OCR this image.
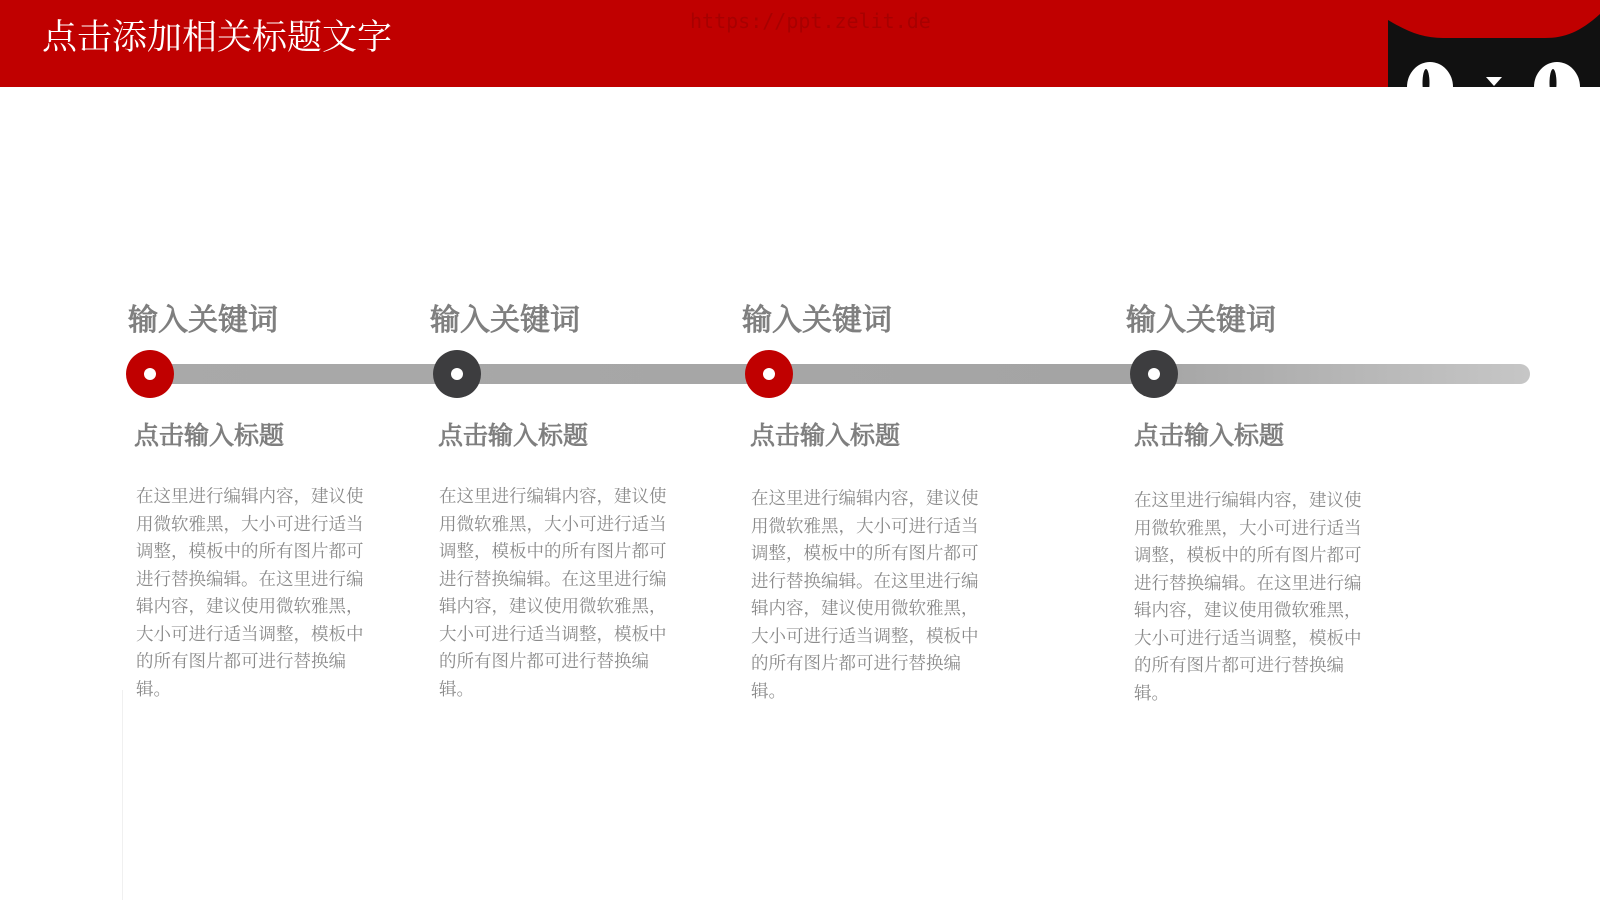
点击添加相关标题文字	https://ppt.zelit.de
输入关键词	输入关键词	输入关键词	输入关键词
点击输入标题	点击输入标题	点击输入标题	点击输入标题
在这里进行编辑内容，建议使用微软雅黑，大小可进行适当调整，模板中的所有图片都可进行替换编辑。在这里进行编辑内容，建议使用微软雅黑，大小可进行适当调整，模板中的所有图片都可进行替换编辑。
在这里进行编辑内容，建议使用微软雅黑，大小可进行适当调整，模板中的所有图片都可进行替换编辑。在这里进行编辑内容，建议使用微软雅黑，大小可进行适当调整，模板中的所有图片都可进行替换编辑。
在这里进行编辑内容，建议使用微软雅黑，大小可进行适当调整，模板中的所有图片都可进行替换编辑。在这里进行编辑内容，建议使用微软雅黑，大小可进行适当调整，模板中的所有图片都可进行替换编辑。
在这里进行编辑内容，建议使用微软雅黑，大小可进行适当调整，模板中的所有图片都可进行替换编辑。在这里进行编辑内容，建议使用微软雅黑，大小可进行适当调整，模板中的所有图片都可进行替换编辑。
